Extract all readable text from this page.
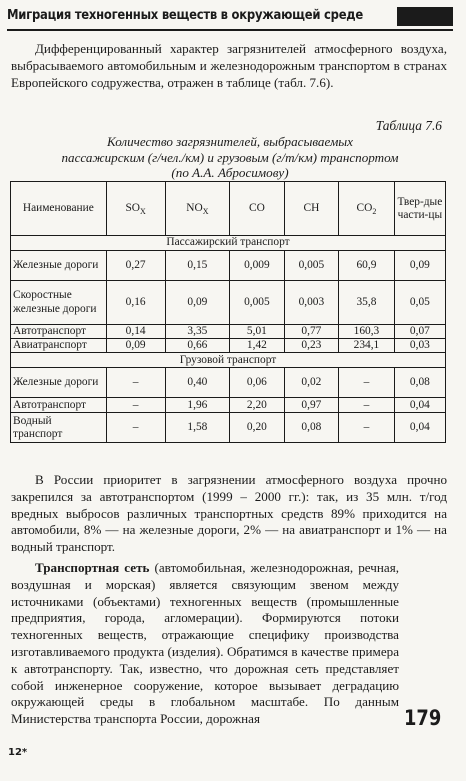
Миграция техногенных веществ в окружающей среде

Дифференцированный характер загрязнителей атмосферного воздуха, выбрасываемого автомобильным и железнодорожным транспортом в странах Европейского содружества, отражен в таблице (табл. 7.6).

Таблица 7.6
Количество загрязнителей, выбрасываемых
пассажирским (г/чел./км) и грузовым (г/т/км) транспортом
(по А.А. Абросимову)
Наименование	$SO_X$	$NO_X$	CO	CH	$CO_2$	Твер-дые части-цы
Пассажирский транспорт						
Железные дороги	0,27	0,15	0,009	0,005	60,9	0,09
Скоростные железные дороги	0,16	0,09	0,005	0,003	35,8	0,05
Автотранспорт	0,14	3,35	5,01	0,77	160,3	0,07
Авиатранспорт	0,09	0,66	1,42	0,23	234,1	0,03
Грузовой транспорт						
Железные дороги	–	0,40	0,06	0,02	–	0,08
Автотранспорт	–	1,96	2,20	0,97	–	0,04
Водный транспорт	–	1,58	0,20	0,08	–	0,04

В России приоритет в загрязнении атмосферного воздуха прочно закрепился за автотранспортом (1999 – 2000 гг.): так, из 35 млн. т/год вредных выбросов различных транспортных средств 89% приходится на автомобили, 8% — на железные дороги, 2% — на авиатранспорт и 1% — на водный транспорт.

Транспортная сеть (автомобильная, железнодорожная, речная, воздушная и морская) является связующим звеном между источниками (объектами) техногенных веществ (промышленные предприятия, города, агломерации). Формируются потоки техногенных веществ, отражающие специфику производства изготавливаемого продукта (изделия). Обратимся в качестве примера к автотранспорту. Так, известно, что дорожная сеть представляет собой инженерное сооружение, которое вызывает деградацию окружающей среды в глобальном масштабе. По данным Министерства транспорта России, дорожная	179
12*
